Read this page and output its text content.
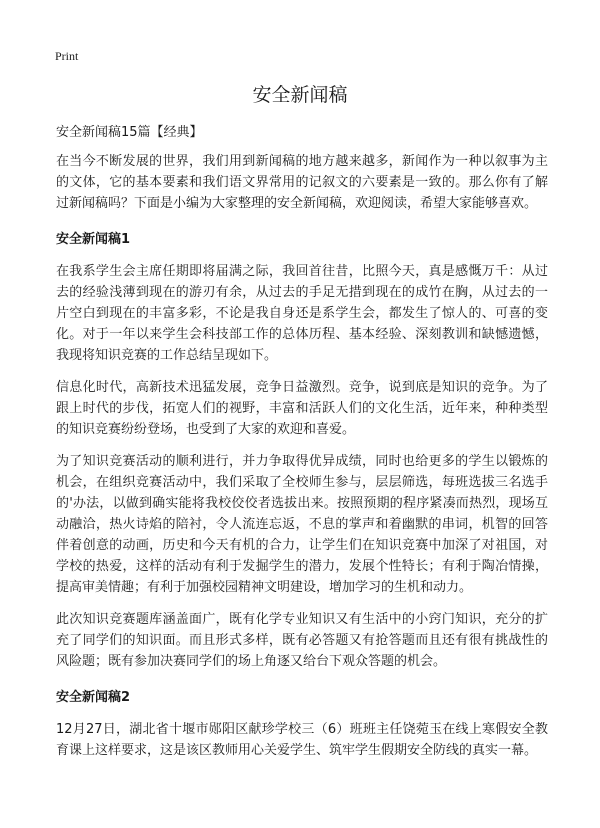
Print
安全新闻稿

安全新闻稿15篇【经典】

在当今不断发展的世界，我们用到新闻稿的地方越来越多，新闻作为一种以叙事为主的文体，它的基本要素和我们语文界常用的记叙文的六要素是一致的。那么你有了解过新闻稿吗？下面是小编为大家整理的安全新闻稿，欢迎阅读，希望大家能够喜欢。

安全新闻稿1

在我系学生会主席任期即将届满之际，我回首往昔，比照今天，真是感慨万千：从过去的经验浅薄到现在的游刃有余，从过去的手足无措到现在的成竹在胸，从过去的一片空白到现在的丰富多彩，不论是我自身还是系学生会，都发生了惊人的、可喜的变化。对于一年以来学生会科技部工作的总体历程、基本经验、深刻教训和缺憾遗憾，我现将知识竞赛的工作总结呈现如下。

信息化时代，高新技术迅猛发展，竞争日益激烈。竞争，说到底是知识的竞争。为了跟上时代的步伐，拓宽人们的视野，丰富和活跃人们的文化生活，近年来，种种类型的知识竞赛纷纷登场，也受到了大家的欢迎和喜爱。

为了知识竞赛活动的顺利进行，并力争取得优异成绩，同时也给更多的学生以锻炼的机会，在组织竞赛活动中，我们采取了全校师生参与，层层筛选，每班选拔三名选手的'办法，以做到确实能将我校佼佼者选拔出来。按照预期的程序紧凑而热烈，现场互动融洽，热火诗焰的陪衬，令人流连忘返，不息的掌声和着幽默的串词，机智的回答伴着创意的动画，历史和今天有机的合力，让学生们在知识竞赛中加深了对祖国，对学校的热爱，这样的活动有利于发掘学生的潜力，发展个性特长；有利于陶冶情操，提高审美情趣；有利于加强校园精神文明建设，增加学习的生机和动力。

此次知识竞赛题库涵盖面广，既有化学专业知识又有生活中的小窍门知识，充分的扩充了同学们的知识面。而且形式多样，既有必答题又有抢答题而且还有很有挑战性的风险题；既有参加决赛同学们的场上角逐又给台下观众答题的机会。

安全新闻稿2

12月27日，湖北省十堰市郧阳区献珍学校三（6）班班主任饶菀玉在线上寒假安全教育课上这样要求，这是该区教师用心关爱学生、筑牢学生假期安全防线的真实一幕。
